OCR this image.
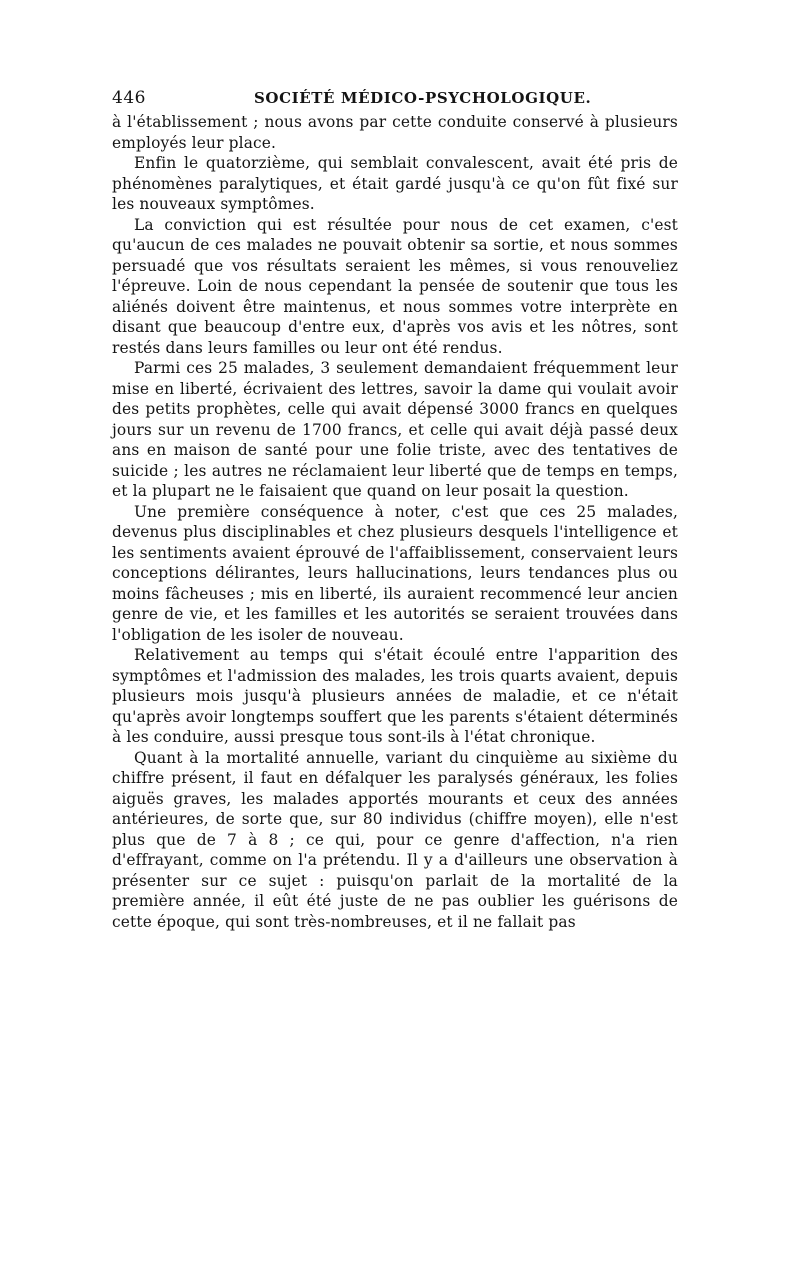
446	SOCIÉTÉ MÉDICO-PSYCHOLOGIQUE.

à l'établissement ; nous avons par cette conduite conservé à plusieurs employés leur place.

Enfin le quatorzième, qui semblait convalescent, avait été pris de phénomènes paralytiques, et était gardé jusqu'à ce qu'on fût fixé sur les nouveaux symptômes.

La conviction qui est résultée pour nous de cet examen, c'est qu'aucun de ces malades ne pouvait obtenir sa sortie, et nous sommes persuadé que vos résultats seraient les mêmes, si vous renouveliez l'épreuve. Loin de nous cependant la pensée de soutenir que tous les aliénés doivent être maintenus, et nous sommes votre interprète en disant que beaucoup d'entre eux, d'après vos avis et les nôtres, sont restés dans leurs familles ou leur ont été rendus.

Parmi ces 25 malades, 3 seulement demandaient fréquemment leur mise en liberté, écrivaient des lettres, savoir la dame qui voulait avoir des petits prophètes, celle qui avait dépensé 3000 francs en quelques jours sur un revenu de 1700 francs, et celle qui avait déjà passé deux ans en maison de santé pour une folie triste, avec des tentatives de suicide ; les autres ne réclamaient leur liberté que de temps en temps, et la plupart ne le faisaient que quand on leur posait la question.

Une première conséquence à noter, c'est que ces 25 malades, devenus plus disciplinables et chez plusieurs desquels l'intelligence et les sentiments avaient éprouvé de l'affaiblissement, conservaient leurs conceptions délirantes, leurs hallucinations, leurs tendances plus ou moins fâcheuses ; mis en liberté, ils auraient recommencé leur ancien genre de vie, et les familles et les autorités se seraient trouvées dans l'obligation de les isoler de nouveau.

Relativement au temps qui s'était écoulé entre l'apparition des symptômes et l'admission des malades, les trois quarts avaient, depuis plusieurs mois jusqu'à plusieurs années de maladie, et ce n'était qu'après avoir longtemps souffert que les parents s'étaient déterminés à les conduire, aussi presque tous sont-ils à l'état chronique.

Quant à la mortalité annuelle, variant du cinquième au sixième du chiffre présent, il faut en défalquer les paralysés généraux, les folies aiguës graves, les malades apportés mourants et ceux des années antérieures, de sorte que, sur 80 individus (chiffre moyen), elle n'est plus que de 7 à 8 ; ce qui, pour ce genre d'affection, n'a rien d'effrayant, comme on l'a prétendu. Il y a d'ailleurs une observation à présenter sur ce sujet : puisqu'on parlait de la mortalité de la première année, il eût été juste de ne pas oublier les guérisons de cette époque, qui sont très-nombreuses, et il ne fallait pas
